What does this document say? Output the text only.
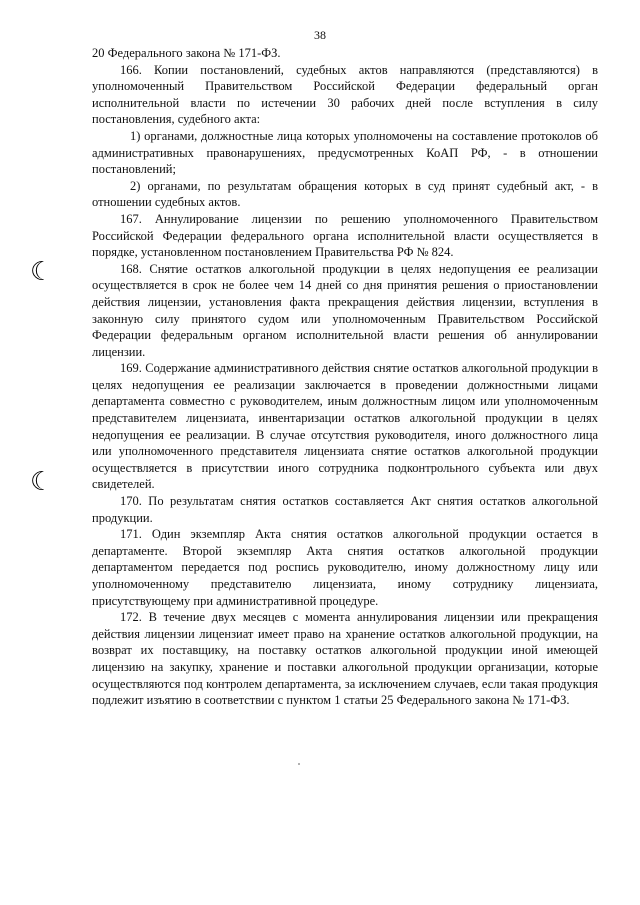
38
☾
☾

20 Федерального закона № 171-ФЗ.

166. Копии постановлений, судебных актов направляются (представляются) в уполномоченный Правительством Российской Федерации федеральный орган исполнительной власти по истечении 30 рабочих дней после вступления в силу постановления, судебного акта:

1) органами, должностные лица которых уполномочены на составление протоколов об административных правонарушениях, предусмотренных КоАП РФ, - в отношении постановлений;

2) органами, по результатам обращения которых в суд принят судебный акт, - в отношении судебных актов.

167. Аннулирование лицензии по решению уполномоченного Правительством Российской Федерации федерального органа исполнительной власти осуществляется в порядке, установленном постановлением Правительства РФ № 824.

168. Снятие остатков алкогольной продукции в целях недопущения ее реализации осуществляется в срок не более чем 14 дней со дня принятия решения о приостановлении действия лицензии, установления факта прекращения действия лицензии, вступления в законную силу принятого судом или уполномоченным Правительством Российской Федерации федеральным органом исполнительной власти решения об аннулировании лицензии.

169. Содержание административного действия снятие остатков алкогольной продукции в целях недопущения ее реализации заключается в проведении должностными лицами департамента совместно с руководителем, иным должностным лицом или уполномоченным представителем лицензиата, инвентаризации остатков алкогольной продукции в целях недопущения ее реализации. В случае отсутствия руководителя, иного должностного лица или уполномоченного представителя лицензиата снятие остатков алкогольной продукции осуществляется в присутствии иного сотрудника подконтрольного субъекта или двух свидетелей.

170. По результатам снятия остатков составляется Акт снятия остатков алкогольной продукции.

171. Один экземпляр Акта снятия остатков алкогольной продукции остается в департаменте. Второй экземпляр Акта снятия остатков алкогольной продукции департаментом передается под роспись руководителю, иному должностному лицу или уполномоченному представителю лицензиата, иному сотруднику лицензиата, присутствующему при административной процедуре.

172. В течение двух месяцев с момента аннулирования лицензии или прекращения действия лицензии лицензиат имеет право на хранение остатков алкогольной продукции, на возврат их поставщику, на поставку остатков алкогольной продукции иной имеющей лицензию на закупку, хранение и поставки алкогольной продукции организации, которые осуществляются под контролем департамента, за исключением случаев, если такая продукция подлежит изъятию в соответствии с пунктом 1 статьи 25 Федерального закона № 171-ФЗ.
